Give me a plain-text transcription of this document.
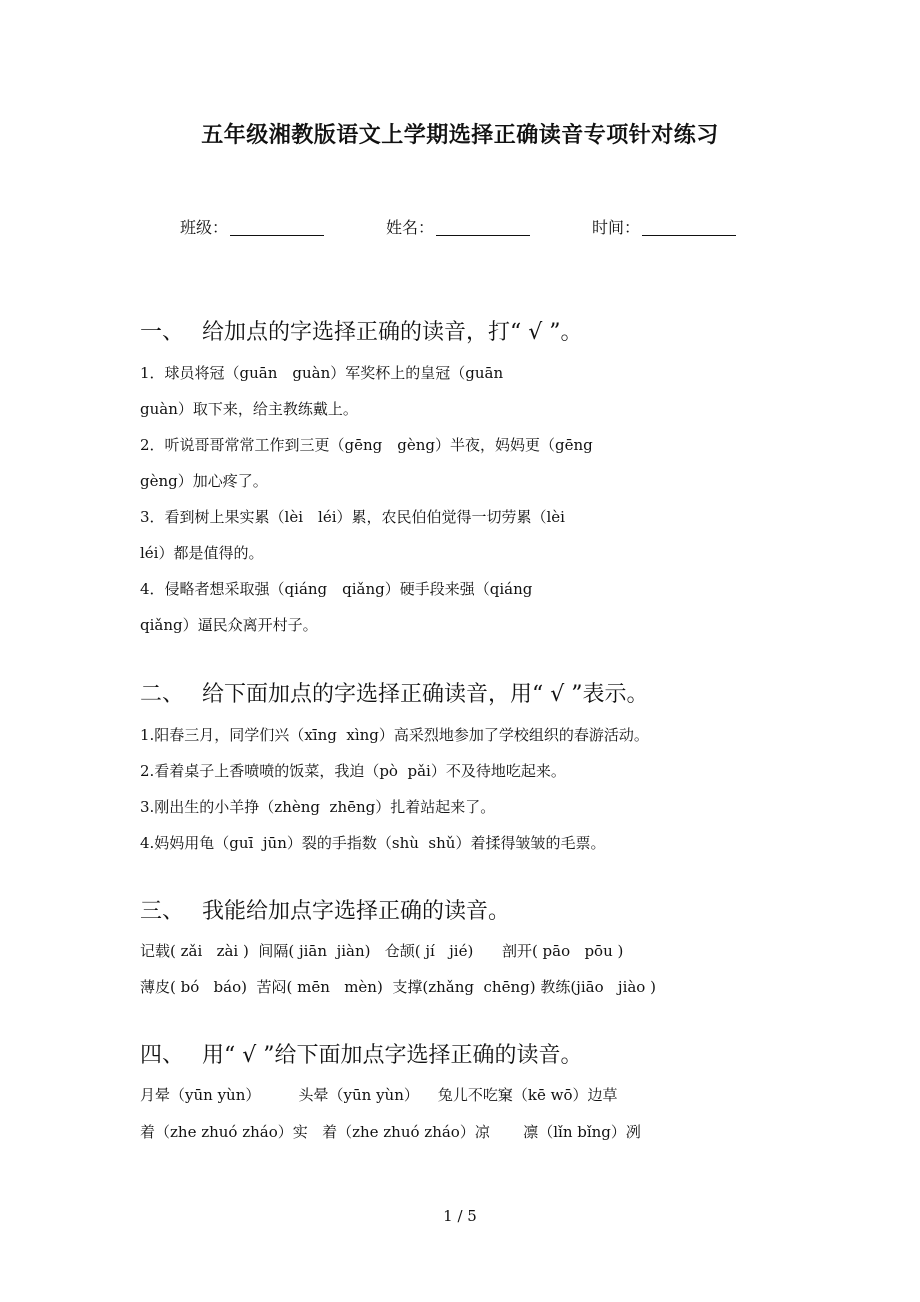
五年级湘教版语文上学期选择正确读音专项针对练习
班级：	姓名：	时间：
一、 给加点的字选择正确的读音，打“ √ ”。
1．球员将冠（guān　guàn）军奖杯上的皇冠（guān
guàn）取下来，给主教练戴上。
2．听说哥哥常常工作到三更（gēng　gèng）半夜，妈妈更（gēng
gèng）加心疼了。
3．看到树上果实累（lèi　léi）累，农民伯伯觉得一切劳累（lèi
léi）都是值得的。
4．侵略者想采取强（qiáng　qiǎng）硬手段来强（qiáng
qiǎng）逼民众离开村子。
二、 给下面加点的字选择正确读音，用“ √ ”表示。
1.阳春三月，同学们兴（xīng  xìng）高采烈地参加了学校组织的春游活动。
2.看着桌子上香喷喷的饭菜，我迫（pò  pǎi）不及待地吃起来。
3.刚出生的小羊挣（zhèng  zhēng）扎着站起来了。
4.妈妈用龟（guī  jūn）裂的手指数（shù  shǔ）着揉得皱皱的毛票。
三、 我能给加点字选择正确的读音。
记载( zǎi   zài )  间隔( jiān  jiàn)   仓颉( jí   jié)      剖开( pāo   pōu )
薄皮( bó   báo)  苦闷( mēn   mèn)  支撑(zhǎng  chēng) 教练(jiāo   jiào )
四、 用“ √ ”给下面加点字选择正确的读音。
月晕（yūn yùn）        头晕（yūn yùn）    兔儿不吃窠（kē wō）边草
着（zhe zhuó zháo）实   着（zhe zhuó zháo）凉       凛（lǐn bǐng）冽
1 / 5
